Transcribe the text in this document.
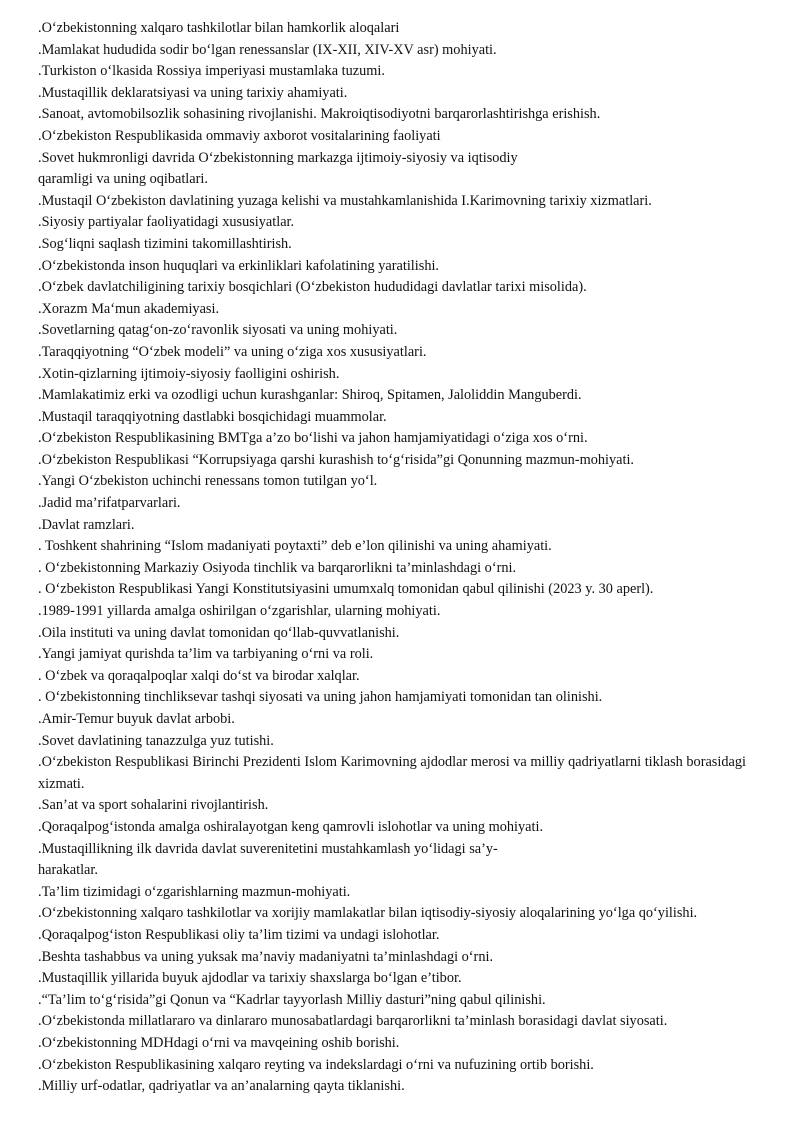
.O‘zbekistonning xalqaro tashkilotlar bilan hamkorlik aloqalari
.Mamlakat hududida sodir bo‘lgan renessanslar (IX-XII, XIV-XV asr) mohiyati.
.Turkiston o‘lkasida Rossiya imperiyasi mustamlaka tuzumi.
.Mustaqillik deklaratsiyasi va uning tarixiy ahamiyati.
.Sanoat, avtomobilsozlik sohasining rivojlanishi. Makroiqtisodiyotni barqarorlashtirishga erishish.
.O‘zbekiston Respublikasida ommaviy axborot vositalarining faoliyati
.Sovet hukmronligi davrida O‘zbekistonning markazga ijtimoiy-siyosiy va iqtisodiy
qaramligi va uning oqibatlari.
.Mustaqil O‘zbekiston davlatining yuzaga kelishi va mustahkamlanishida I.Karimovning tarixiy xizmatlari.
.Siyosiy partiyalar faoliyatidagi xususiyatlar.
.Sog‘liqni saqlash tizimini takomillashtirish.
.O‘zbekistonda inson huquqlari va erkinliklari kafolatining yaratilishi.
.O‘zbek davlatchiligining tarixiy bosqichlari (O‘zbekiston hududidagi davlatlar tarixi misolida).
.Xorazm Ma‘mun akademiyasi.
.Sovetlarning qatag‘on-zo‘ravonlik siyosati va uning mohiyati.
.Taraqqiyotning “O‘zbek modeli” va uning o‘ziga xos xususiyatlari.
.Xotin-qizlarning ijtimoiy-siyosiy faolligini oshirish.
.Mamlakatimiz erki va ozodligi uchun kurashganlar: Shiroq, Spitamen, Jaloliddin Manguberdi.
.Mustaqil taraqqiyotning dastlabki bosqichidagi muammolar.
.O‘zbekiston Respublikasining BMTga a’zo bo‘lishi va jahon hamjamiyatidagi o‘ziga xos o‘rni.
.O‘zbekiston Respublikasi “Korrupsiyaga qarshi kurashish to‘g‘risida”gi Qonunning mazmun-mohiyati.
.Yangi O‘zbekiston uchinchi renessans tomon tutilgan yo‘l.
.Jadid ma’rifatparvarlari.
.Davlat ramzlari.
. Toshkent shahrining “Islom madaniyati poytaxti” deb e’lon qilinishi va uning ahamiyati.
. O‘zbekistonning Markaziy Osiyoda tinchlik va barqarorlikni ta’minlashdagi o‘rni.
. O‘zbekiston Respublikasi Yangi Konstitutsiyasini umumxalq tomonidan qabul qilinishi (2023 y. 30 aperl).
.1989-1991 yillarda amalga oshirilgan o‘zgarishlar, ularning mohiyati.
.Oila instituti va uning davlat tomonidan qo‘llab-quvvatlanishi.
.Yangi jamiyat qurishda ta’lim va tarbiyaning o‘rni va roli.
. O‘zbek va qoraqalpoqlar xalqi do‘st va birodar xalqlar.
. O‘zbekistonning tinchliksevar tashqi siyosati va uning jahon hamjamiyati tomonidan tan olinishi.
.Amir-Temur buyuk davlat arbobi.
.Sovet davlatining tanazzulga yuz tutishi.
.O‘zbekiston Respublikasi Birinchi Prezidenti Islom Karimovning ajdodlar merosi va milliy qadriyatlarni tiklash borasidagi xizmati.
.San’at va sport sohalarini rivojlantirish.
.Qoraqalpog‘istonda amalga oshiralayotgan keng qamrovli islohotlar va uning mohiyati.
.Mustaqillikning ilk davrida davlat suverenitetini mustahkamlash yo‘lidagi sa’y-
harakatlar.
.Ta’lim tizimidagi o‘zgarishlarning mazmun-mohiyati.
.O‘zbekistonning xalqaro tashkilotlar va xorijiy mamlakatlar bilan iqtisodiy-siyosiy aloqalarining yo‘lga qo‘yilishi.
.Qoraqalpog‘iston Respublikasi oliy ta’lim tizimi va undagi islohotlar.
.Beshta tashabbus va uning yuksak ma’naviy madaniyatni ta’minlashdagi o‘rni.
.Mustaqillik yillarida buyuk ajdodlar va tarixiy shaxslarga bo‘lgan e’tibor.
.“Ta’lim to‘g‘risida”gi Qonun va “Kadrlar tayyorlash Milliy dasturi”ning qabul qilinishi.
.O‘zbekistonda millatlararo va dinlararo munosabatlardagi barqarorlikni ta’minlash borasidagi davlat siyosati.
.O‘zbekistonning MDHdagi o‘rni va mavqeining oshib borishi.
.O‘zbekiston Respublikasining xalqaro reyting va indekslardagi o‘rni va nufuzining ortib borishi.
.Milliy urf-odatlar, qadriyatlar va an’analarning qayta tiklanishi.
